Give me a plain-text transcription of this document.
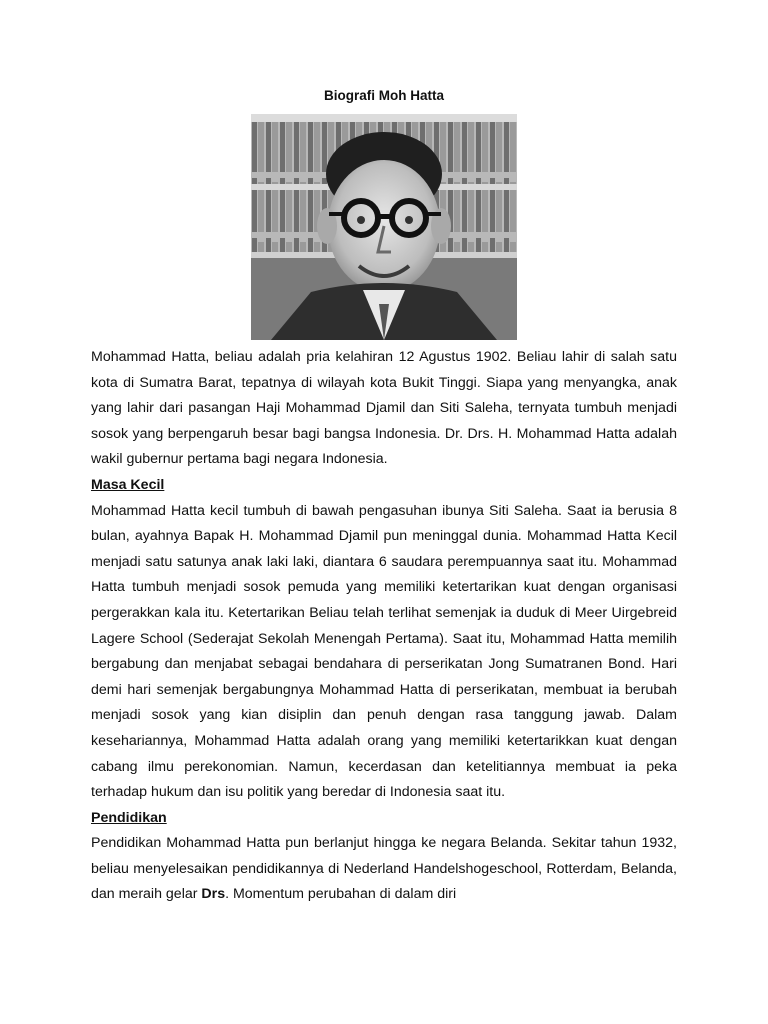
Biografi Moh Hatta

Mohammad Hatta, beliau adalah pria kelahiran 12 Agustus 1902. Beliau lahir di salah satu kota di Sumatra Barat, tepatnya di wilayah kota Bukit Tinggi. Siapa yang menyangka, anak yang lahir dari pasangan Haji Mohammad Djamil dan Siti Saleha, ternyata tumbuh menjadi sosok yang berpengaruh besar bagi bangsa Indonesia. Dr. Drs. H. Mohammad Hatta adalah wakil gubernur pertama bagi negara Indonesia.

Masa Kecil

Mohammad Hatta kecil tumbuh di bawah pengasuhan ibunya Siti Saleha. Saat ia berusia 8 bulan, ayahnya Bapak H. Mohammad Djamil pun meninggal dunia. Mohammad Hatta Kecil menjadi satu satunya anak laki laki, diantara 6 saudara perempuannya saat itu. Mohammad Hatta tumbuh menjadi sosok pemuda yang memiliki ketertarikan kuat dengan organisasi pergerakkan kala itu. Ketertarikan Beliau telah terlihat semenjak ia duduk di Meer Uirgebreid Lagere School (Sederajat Sekolah Menengah Pertama). Saat itu, Mohammad Hatta memilih bergabung dan menjabat sebagai bendahara di perserikatan Jong Sumatranen Bond. Hari demi hari semenjak bergabungnya Mohammad Hatta di perserikatan, membuat ia berubah menjadi sosok yang kian disiplin dan penuh dengan rasa tanggung jawab. Dalam kesehariannya, Mohammad Hatta adalah orang yang memiliki ketertarikkan kuat dengan cabang ilmu perekonomian. Namun, kecerdasan dan ketelitiannya membuat ia peka terhadap hukum dan isu politik yang beredar di Indonesia saat itu.

Pendidikan

Pendidikan Mohammad Hatta pun berlanjut hingga ke negara Belanda. Sekitar tahun 1932, beliau menyelesaikan pendidikannya di Nederland Handelshogeschool, Rotterdam, Belanda, dan meraih gelar Drs. Momentum perubahan di dalam diri
